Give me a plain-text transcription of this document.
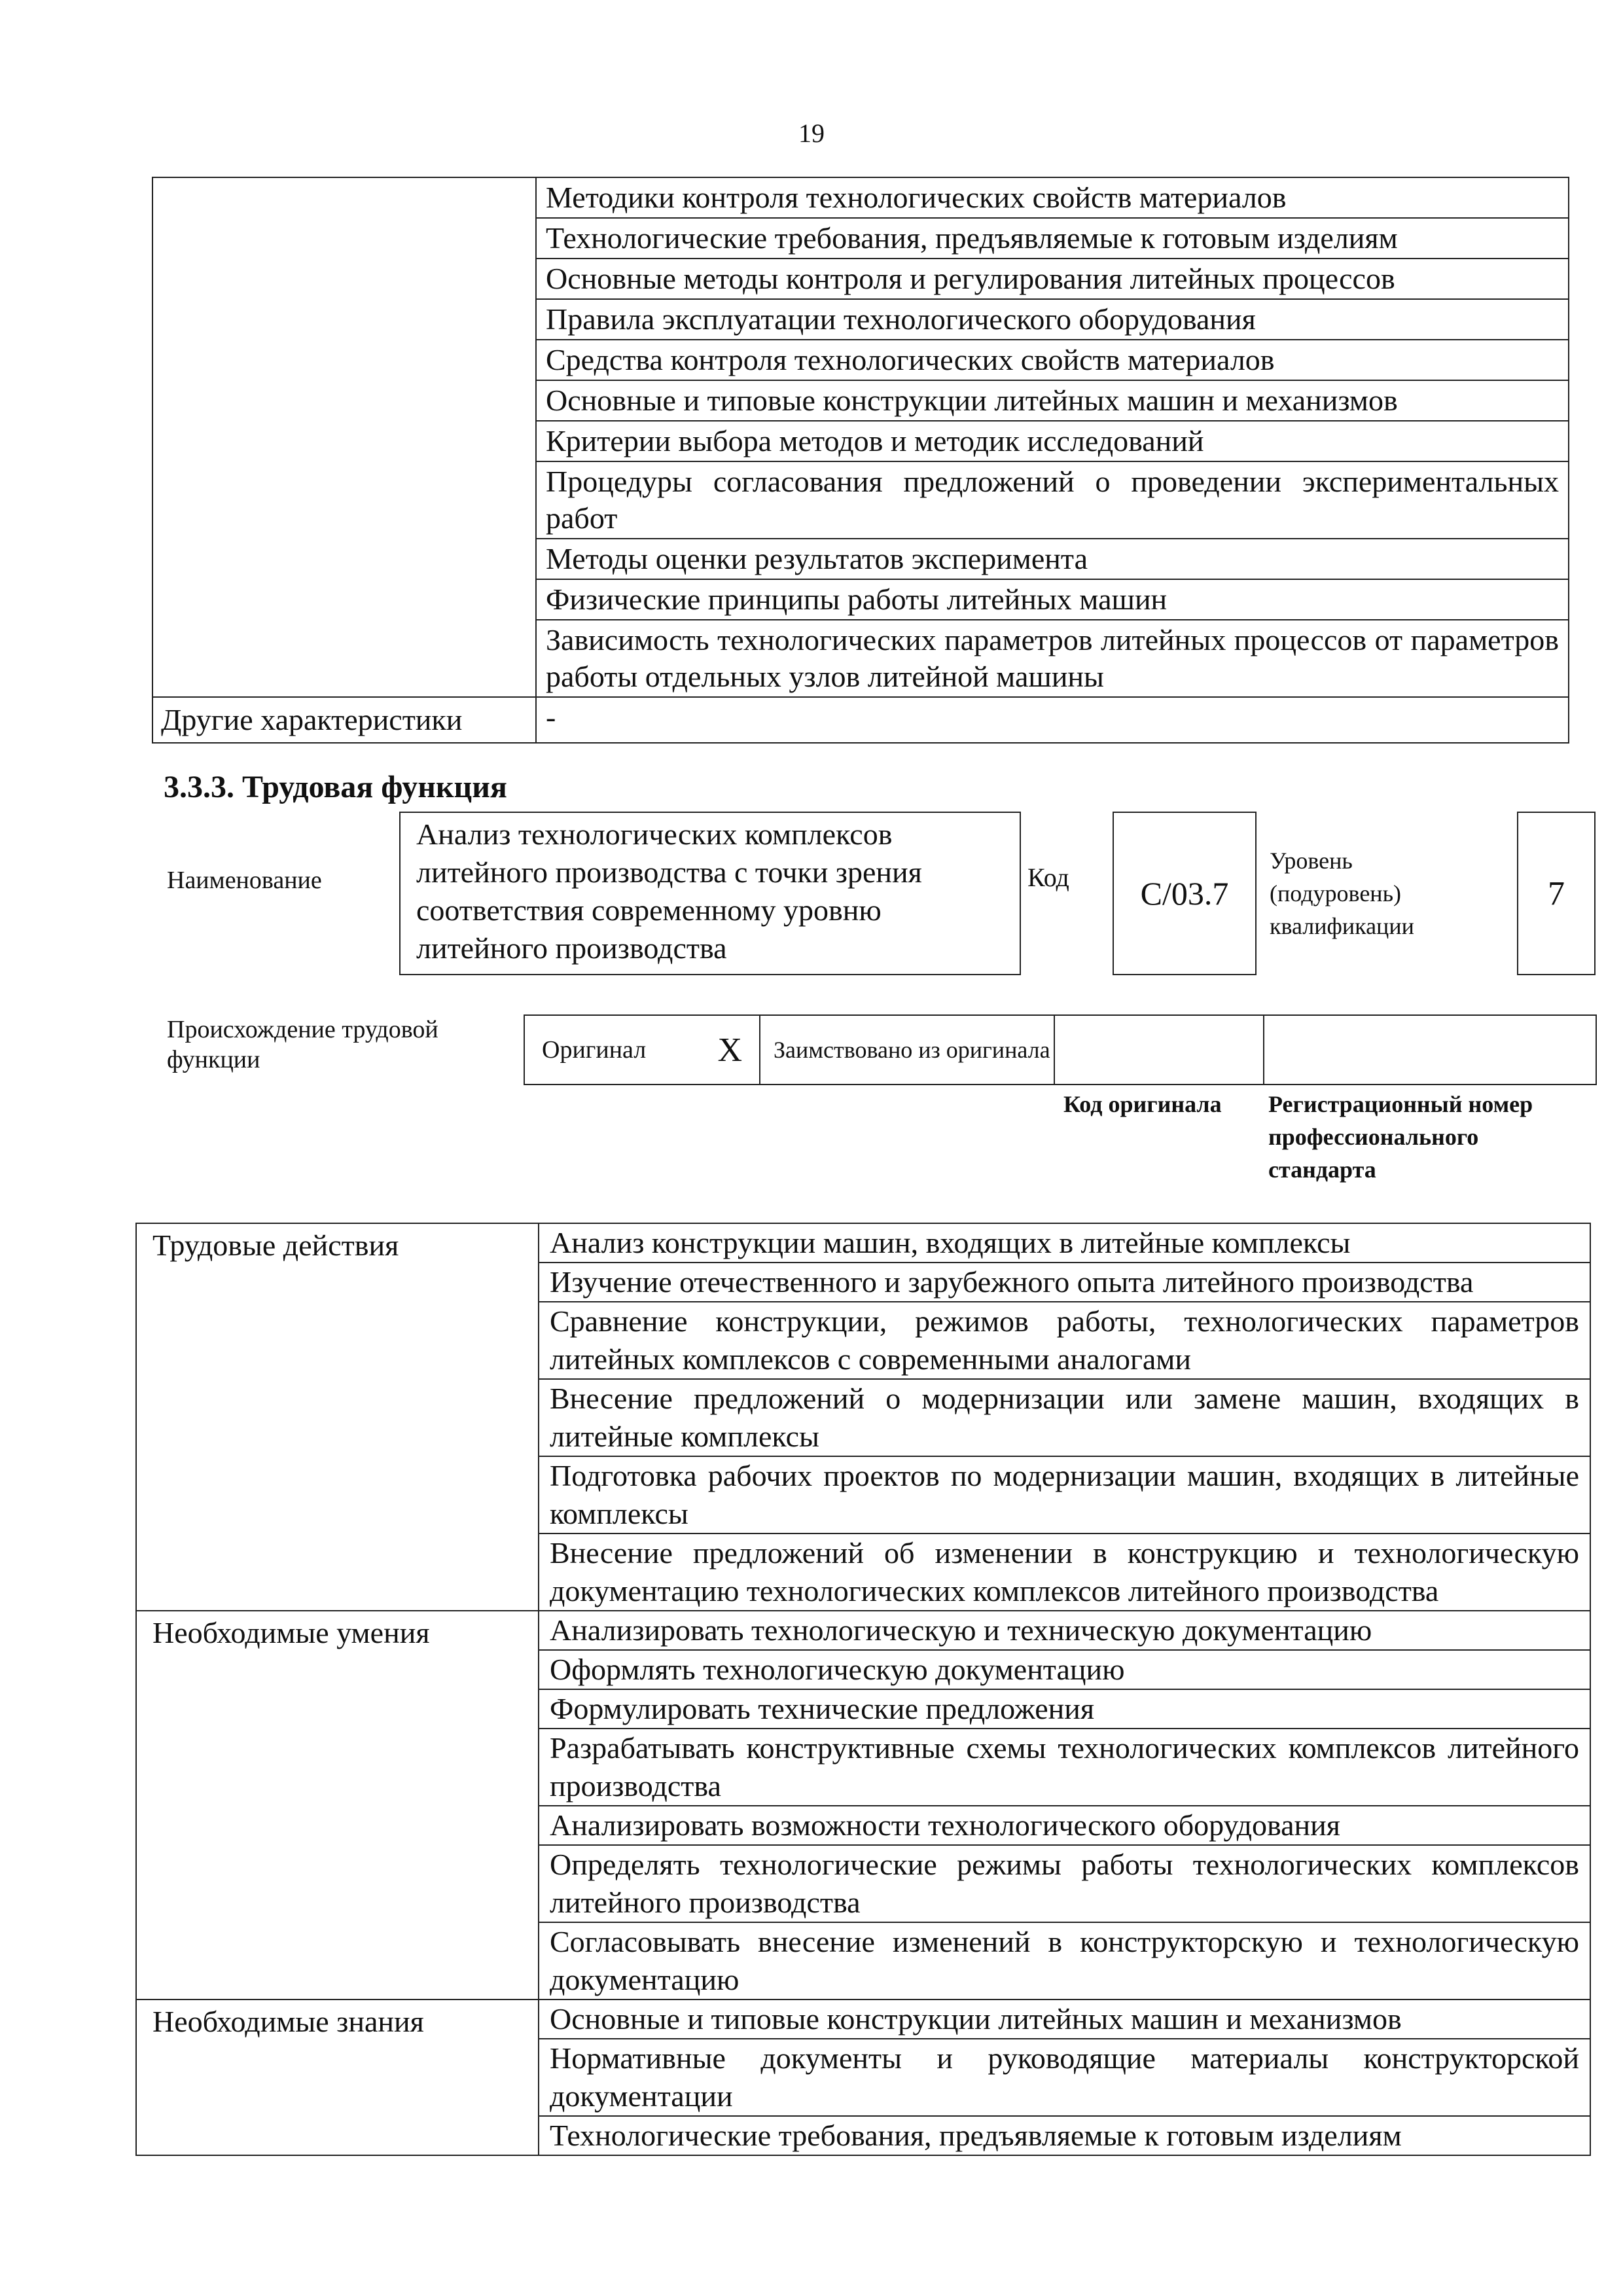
19
	Методики контроля технологических свойств материалов
	Технологические требования, предъявляемые к готовым изделиям
	Основные методы контроля и регулирования литейных процессов
	Правила эксплуатации технологического оборудования
	Средства контроля технологических свойств материалов
	Основные и типовые конструкции литейных машин и механизмов
	Критерии выбора методов и методик исследований
	Процедуры согласования предложений о проведении экспериментальных работ
	Методы оценки результатов эксперимента
	Физические принципы работы литейных машин
	Зависимость технологических параметров литейных процессов от параметров работы отдельных узлов литейной машины
Другие характеристики	-
3.3.3. Трудовая функция
Наименование
Анализ технологических комплексов литейного производства с точки зрения соответствия современному уровню литейного производства
Код	С/03.7
Уровень (подуровень) квалификации
7
Происхождение трудовой функции	Оригинал X	Заимствовано из оригинала
Код оригинала Регистрационный номер профессионального стандарта
Трудовые действия	Анализ конструкции машин, входящих в литейные комплексы
	Изучение отечественного и зарубежного опыта литейного производства
	Сравнение конструкции, режимов работы, технологических параметров литейных комплексов с современными аналогами
	Внесение предложений о модернизации или замене машин, входящих в литейные комплексы
	Подготовка рабочих проектов по модернизации машин, входящих в литейные комплексы
	Внесение предложений об изменении в конструкцию и технологическую документацию технологических комплексов литейного производства
Необходимые умения	Анализировать технологическую и техническую документацию
	Оформлять технологическую документацию
	Формулировать технические предложения
	Разрабатывать конструктивные схемы технологических комплексов литейного производства
	Анализировать возможности технологического оборудования
	Определять технологические режимы работы технологических комплексов литейного производства
	Согласовывать внесение изменений в конструкторскую и технологическую документацию
Необходимые знания	Основные и типовые конструкции литейных машин и механизмов
	Нормативные документы и руководящие материалы конструкторской документации
	Технологические требования, предъявляемые к готовым изделиям
